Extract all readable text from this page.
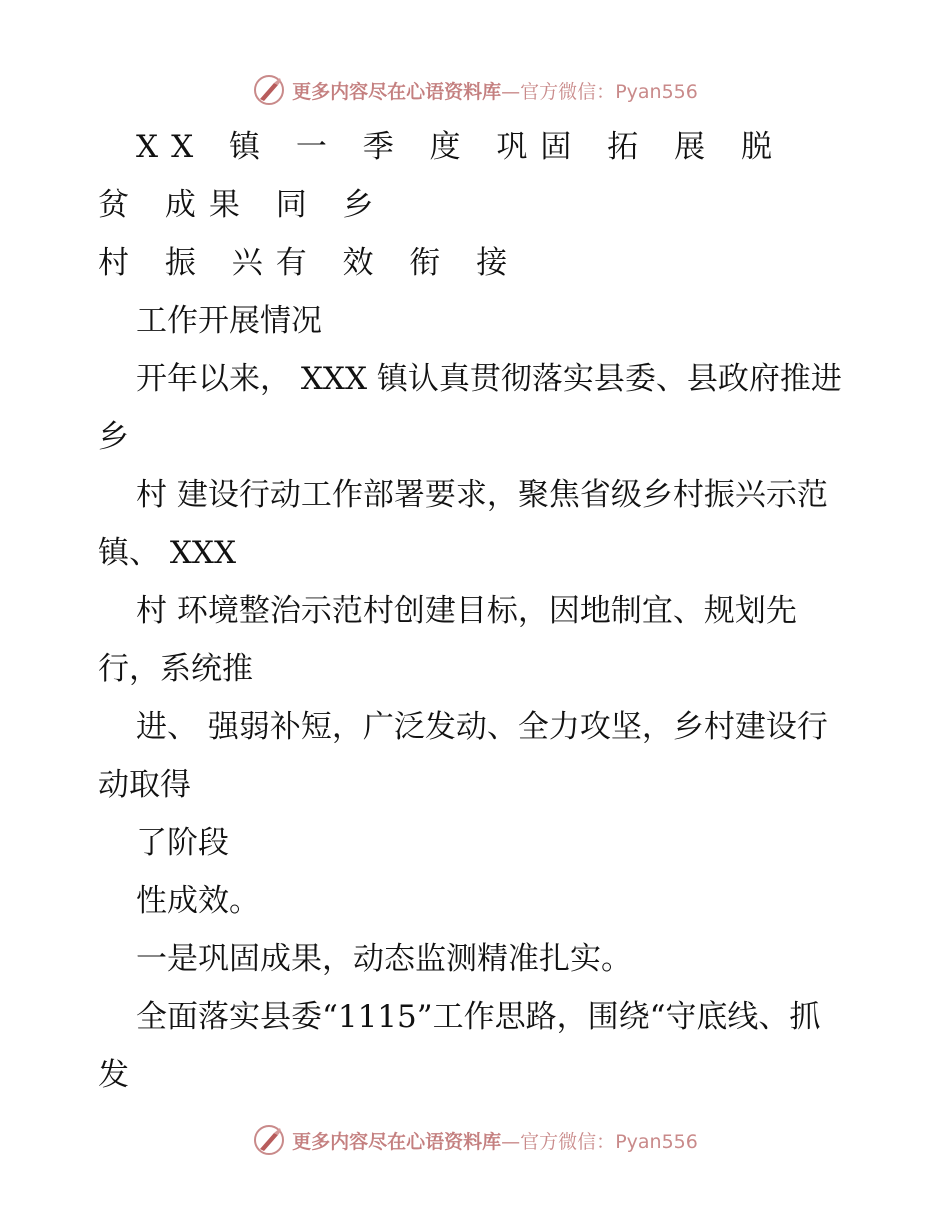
更多内容尽在心语资料库—官方微信：Pyan556

XX 镇 一 季 度 巩固 拓 展 脱 贫 成果 同 乡
村 振 兴有 效 衔 接

工作开展情况

开年以来， XXX 镇认真贯彻落实县委、县政府推进乡

村 建设行动工作部署要求，聚焦省级乡村振兴示范镇、 XXX

村 环境整治示范村创建目标，因地制宜、规划先行，系统推

进、 强弱补短，广泛发动、全力攻坚，乡村建设行动取得

了阶段

性成效。

一是巩固成果，动态监测精准扎实。

全面落实县委“1115”工作思路，围绕“守底线、抓发

更多内容尽在心语资料库—官方微信：Pyan556
